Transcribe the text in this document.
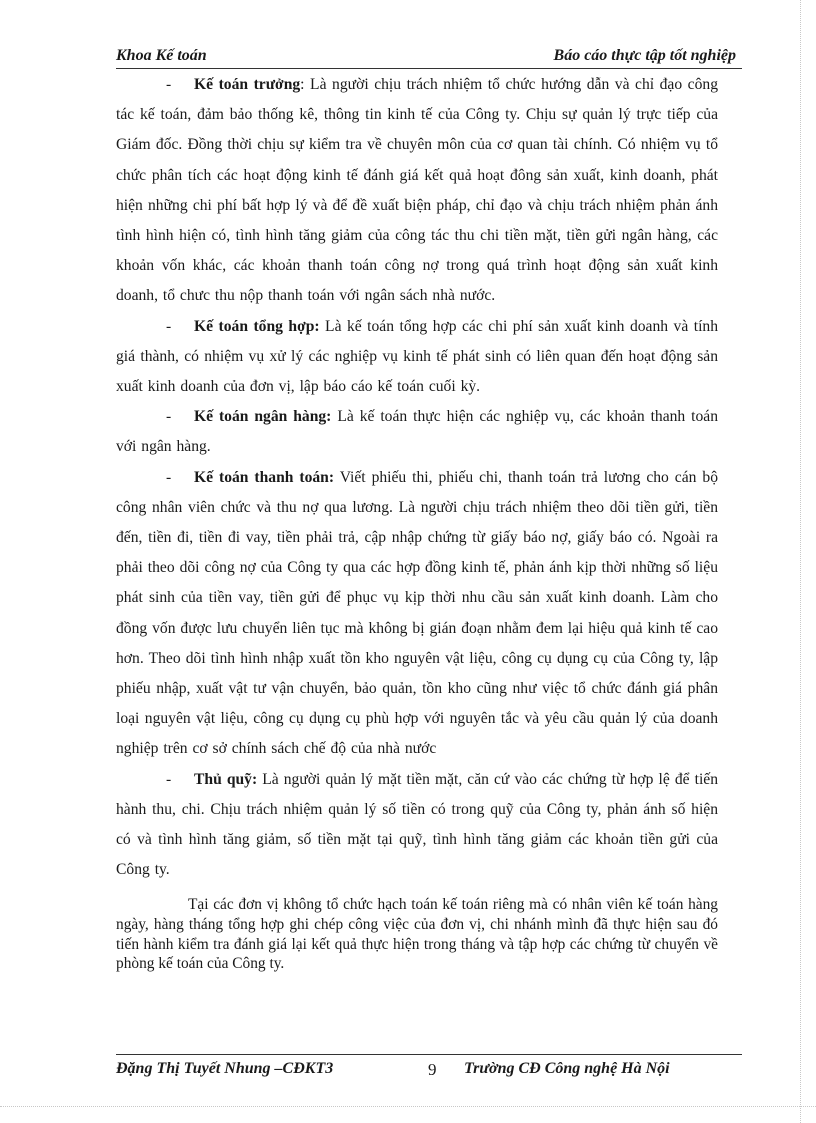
Khoa Kế toán	Báo cáo thực tập tốt nghiệp

- Kế toán trưởng: Là người chịu trách nhiệm tổ chức hướng dẫn và chỉ đạo công tác kế toán, đảm bảo thống kê, thông tin kinh tế của Công ty. Chịu sự quản lý trực tiếp của Giám đốc. Đồng thời chịu sự kiểm tra về chuyên môn của cơ quan tài chính. Có nhiệm vụ tổ chức phân tích các hoạt động kinh tế đánh giá kết quả hoạt đông sản xuất, kinh doanh, phát hiện những chi phí bất hợp lý và để đề xuất biện pháp, chỉ đạo và chịu trách nhiệm phản ánh tình hình hiện có, tình hình tăng giảm của công tác thu chi tiền mặt, tiền gửi ngân hàng, các khoản vốn khác, các khoản thanh toán công nợ trong quá trình hoạt động sản xuất kinh doanh, tổ chưc thu nộp thanh toán với ngân sách nhà nước.

- Kế toán tổng hợp: Là kế toán tổng hợp các chi phí sản xuất kinh doanh và tính giá thành, có nhiệm vụ xử lý các nghiệp vụ kinh tế phát sinh có liên quan đến hoạt động sản xuất kinh doanh của đơn vị, lập báo cáo kế toán cuối kỳ.

- Kế toán ngân hàng: Là kế toán thực hiện các nghiệp vụ, các khoản thanh toán với ngân hàng.

- Kế toán thanh toán: Viết phiếu thi, phiếu chi, thanh toán trả lương cho cán bộ công nhân viên chức và thu nợ qua lương. Là người chịu trách nhiệm theo dõi tiền gửi, tiền đến, tiền đi, tiền đi vay, tiền phải trả, cập nhập chứng từ giấy báo nợ, giấy báo có. Ngoài ra phải theo dõi công nợ của Công ty qua các hợp đồng kinh tế, phản ánh kịp thời những số liệu phát sinh của tiền vay, tiền gửi để phục vụ kịp thời nhu cầu sản xuất kinh doanh. Làm cho đồng vốn được lưu chuyển liên tục mà không bị gián đoạn nhằm đem lại hiệu quả kinh tế cao hơn. Theo dõi tình hình nhập xuất tồn kho nguyên vật liệu, công cụ dụng cụ của Công ty, lập phiếu nhập, xuất vật tư vận chuyển, bảo quản, tồn kho cũng như việc tổ chức đánh giá phân loại nguyên vật liệu, công cụ dụng cụ phù hợp với nguyên tắc và yêu cầu quản lý của doanh nghiệp trên cơ sở chính sách chế độ của nhà nước

- Thủ quỹ: Là người quản lý mặt tiền mặt, căn cứ vào các chứng từ hợp lệ để tiến hành thu, chi. Chịu trách nhiệm quản lý số tiền có trong quỹ của Công ty, phản ánh số hiện có và tình hình tăng giảm, số tiền mặt tại quỹ, tình hình tăng giảm các khoản tiền gửi của Công ty.

Tại các đơn vị không tổ chức hạch toán kế toán riêng mà có nhân viên kế toán hàng ngày, hàng tháng tổng hợp ghi chép công việc của đơn vị, chi nhánh mình đã thực hiện sau đó tiến hành kiểm tra đánh giá lại kết quả thực hiện trong tháng và tập hợp các chứng từ chuyển về phòng kế toán của Công ty.

Đặng Thị Tuyết Nhung –CĐKT3	9 Trường CĐ Công nghệ Hà Nội
